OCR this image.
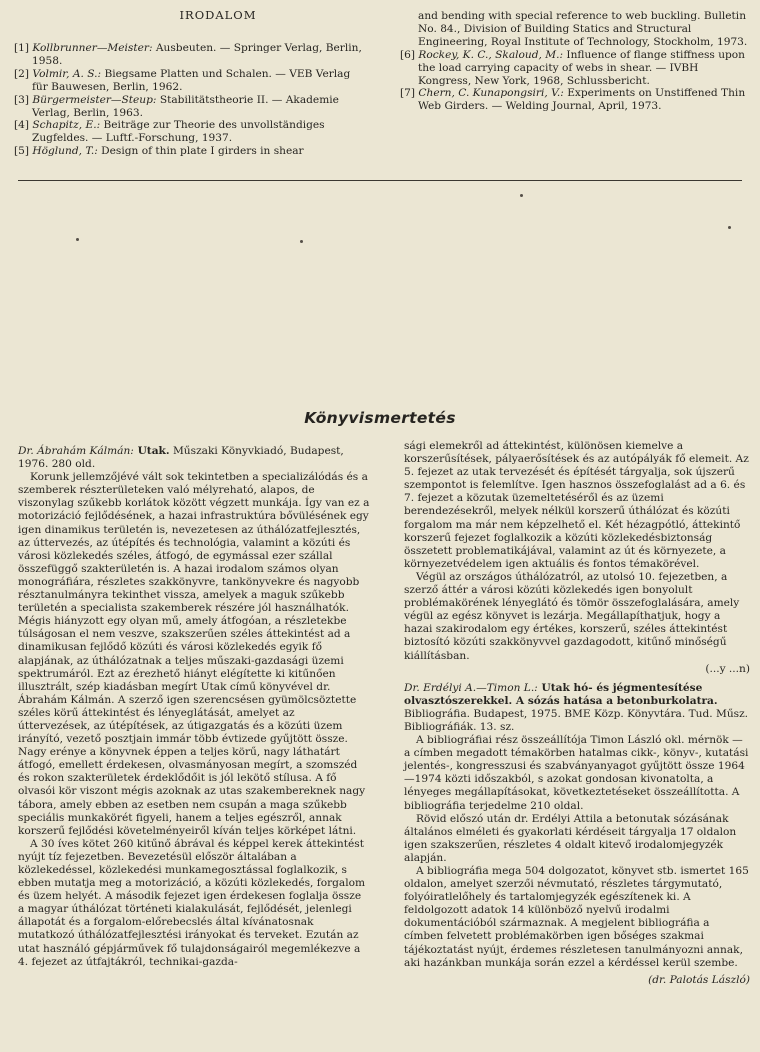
IRODALOM

[1] Kollbrunner—Meister: Ausbeuten. — Springer Verlag, Berlin, 1958.

[2] Volmir, A. S.: Biegsame Platten und Schalen. — VEB Verlag für Bauwesen, Berlin, 1962.

[3] Bürgermeister—Steup: Stabilitätstheorie II. — Akademie Verlag, Berlin, 1963.

[4] Schapitz, E.: Beiträge zur Theorie des unvollständiges Zugfeldes. — Luftf.-Forschung, 1937.

[5] Höglund, T.: Design of thin plate I girders in shear

and bending with special reference to web buckling. Bulletin No. 84., Division of Building Statics and Structural Engineering, Royal Institute of Technology, Stockholm, 1973.

[6] Rockey, K. C., Skaloud, M.: Influence of flange stiffness upon the load carrying capacity of webs in shear. — IVBH Kongress, New York, 1968, Schlussbericht.

[7] Chern, C. Kunapongsiri, V.: Experiments on Unstiffened Thin Web Girders. — Welding Journal, April, 1973.

Könyvismertetés

Dr. Ábrahám Kálmán: Utak. Műszaki Könyvkiadó, Budapest, 1976. 280 old.

Korunk jellemzőjévé vált sok tekintetben a specializálódás és a szemberek részterületeken való mélyreható, alapos, de viszonylag szűkebb korlátok között végzett munkája. Így van ez a motorizáció fejlődésének, a hazai infrastruktúra bővülésének egy igen dinamikus területén is, nevezetesen az úthálózatfejlesztés, az úttervezés, az útépítés és technológia, valamint a közúti és városi közlekedés széles, átfogó, de egymással ezer szállal összefüggő szakterületén is. A hazai irodalom számos olyan monográfiára, részletes szakkönyvre, tankönyvekre és nagyobb résztanulmányra tekinthet vissza, amelyek a maguk szűkebb területén a specialista szakemberek részére jól használhatók. Mégis hiányzott egy olyan mű, amely átfogóan, a részletekbe túlságosan el nem veszve, szakszerűen széles áttekintést ad a dinamikusan fejlődő közúti és városi közlekedés egyik fő alapjának, az úthálózatnak a teljes műszaki-gazdasági üzemi spektrumáról. Ezt az érezhető hiányt elégítette ki kitűnően illusztrált, szép kiadásban megírt Utak című könyvével dr. Ábrahám Kálmán. A szerző igen szerencsésen gyümölcsöztette széles körű áttekintést és lényeglátását, amelyet az úttervezések, az útépítések, az útigazgatás és a közúti üzem irányító, vezető posztjain immár több évtizede gyűjtött össze. Nagy erénye a könyvnek éppen a teljes körű, nagy láthatárt átfogó, emellett érdekesen, olvasmányosan megírt, a szomszéd és rokon szakterületek érdeklődőit is jól lekötő stílusa. A fő olvasói kör viszont mégis azoknak az utas szakembereknek nagy tábora, amely ebben az esetben nem csupán a maga szűkebb speciális munkakörét figyeli, hanem a teljes egészről, annak korszerű fejlődési követelményeiről kíván teljes körképet látni.

A 30 íves kötet 260 kitűnő ábrával és képpel kerek áttekintést nyújt tíz fejezetben. Bevezetésül először általában a közlekedéssel, közlekedési munkamegosztással foglalkozik, s ebben mutatja meg a motorizáció, a közúti közlekedés, forgalom és üzem helyét. A második fejezet igen érdekesen foglalja össze a magyar úthálózat történeti kialakulását, fejlődését, jelenlegi állapotát és a forgalom-előrebecslés által kívánatosnak mutatkozó úthálózatfejlesztési irányokat és terveket. Ezután az utat használó gépjárművek fő tulajdonságairól megemlékezve a 4. fejezet az útfajtákról, technikai-gazda-

sági elemekről ad áttekintést, különösen kiemelve a korszerűsítések, pályaerősítések és az autópályák fő elemeit. Az 5. fejezet az utak tervezését és építését tárgyalja, sok újszerű szempontot is felemlítve. Igen hasznos összefoglalást ad a 6. és 7. fejezet a közutak üzemeltetéséről és az üzemi berendezésekről, melyek nélkül korszerű úthálózat és közúti forgalom ma már nem képzelhető el. Két hézagpótló, áttekintő korszerű fejezet foglalkozik a közúti közlekedésbiztonság összetett problematikájával, valamint az út és környezete, a környezetvédelem igen aktuális és fontos témakörével.

Végül az országos úthálózatról, az utolsó 10. fejezetben, a szerző áttér a városi közúti közlekedés igen bonyolult problémakörének lényeglátó és tömör összefoglalására, amely végül az egész könyvet is lezárja. Megállapíthatjuk, hogy a hazai szakirodalom egy értékes, korszerű, széles áttekintést biztosító közúti szakkönyvvel gazdagodott, kitűnő minőségű kiállításban.

(...y ...n)

Dr. Erdélyi A.—Timon L.: Utak hó- és jégmentesítése olvasztószerekkel. A sózás hatása a betonburkolatra. Bibliográfia. Budapest, 1975. BME Közp. Könyvtára. Tud. Műsz. Bibliográfiák. 13. sz.

A bibliográfiai rész összeállítója Timon László okl. mérnök — a címben megadott témakörben hatalmas cikk-, könyv-, kutatási jelentés-, kongresszusi és szabványanyagot gyűjtött össze 1964—1974 közti időszakból, s azokat gondosan kivonatolta, a lényeges megállapításokat, következtetéseket összeállította. A bibliográfia terjedelme 210 oldal.

Rövid előszó után dr. Erdélyi Attila a betonutak sózásának általános elméleti és gyakorlati kérdéseit tárgyalja 17 oldalon igen szakszerűen, részletes 4 oldalt kitevő irodalomjegyzék alapján.

A bibliográfia mega 504 dolgozatot, könyvet stb. ismertet 165 oldalon, amelyet szerzői névmutató, részletes tárgymutató, folyóiratlelőhely és tartalomjegyzék egészítenek ki. A feldolgozott adatok 14 különböző nyelvű irodalmi dokumentációból származnak. A megjelent bibliográfia a címben felvetett problémakörben igen bőséges szakmai tájékoztatást nyújt, érdemes részletesen tanulmányozni annak, aki hazánkban munkája során ezzel a kérdéssel kerül szembe.

(dr. Palotás László)
